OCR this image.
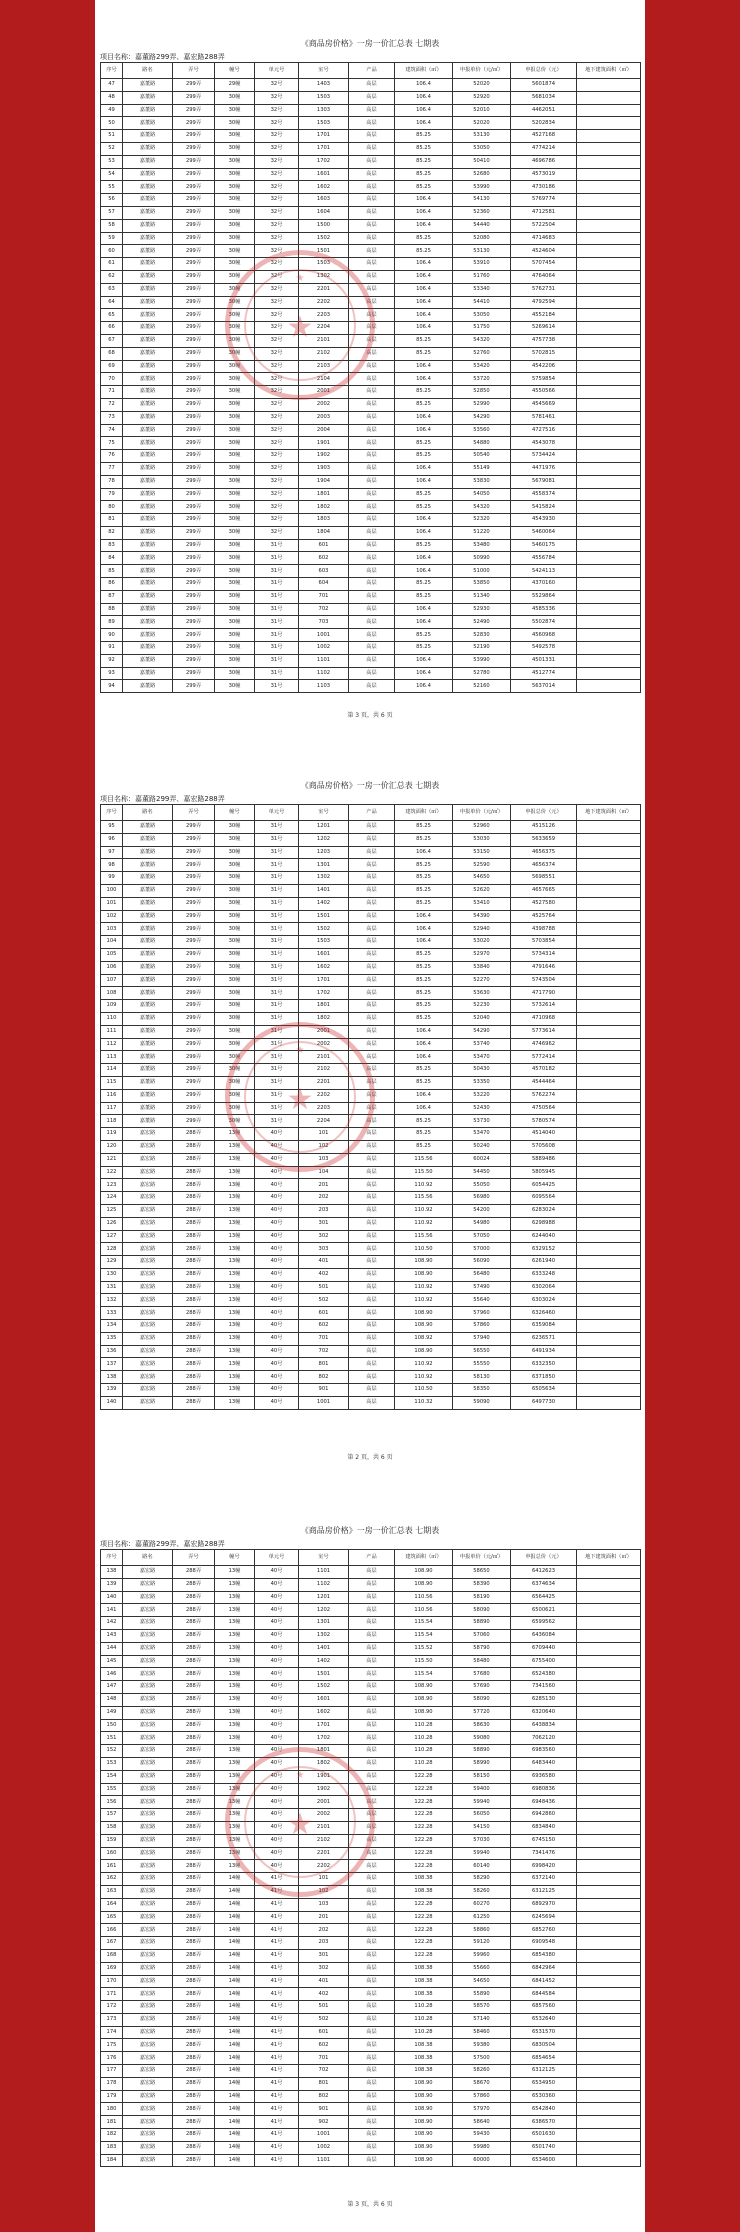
《商品房价格》一房一价汇总表 七期表
项目名称：嘉董路299弄、嘉宏路288弄
序号	路名	弄号	幢号	单元号	室号	产品	建筑面积（㎡）	申报单价（元/㎡）	申报总价（元）	地下建筑面积（㎡）
47	嘉董路	299弄	29幢	32号	1403	高层	106.4	52020	5601874	
48	嘉董路	299弄	30幢	32号	1503	高层	106.4	52920	5681034	
49	嘉董路	299弄	30幢	32号	1303	高层	106.4	52010	4462051	
50	嘉董路	299弄	30幢	32号	1503	高层	106.4	52020	5202834	
51	嘉董路	299弄	30幢	32号	1701	高层	85.25	53130	4527168	
52	嘉董路	299弄	30幢	32号	1701	高层	85.25	53050	4774214	
53	嘉董路	299弄	30幢	32号	1702	高层	85.25	50410	4696786	
54	嘉董路	299弄	30幢	32号	1601	高层	85.25	52680	4573019	
55	嘉董路	299弄	30幢	32号	1602	高层	85.25	53990	4730186	
56	嘉董路	299弄	30幢	32号	1603	高层	106.4	54130	5769774	
57	嘉董路	299弄	30幢	32号	1604	高层	106.4	52360	4712581	
58	嘉董路	299弄	30幢	32号	1500	高层	106.4	54440	5722504	
59	嘉董路	299弄	30幢	32号	1502	高层	85.25	52080	4714683	
60	嘉董路	299弄	30幢	32号	1501	高层	85.25	53130	4524604	
61	嘉董路	299弄	30幢	32号	1503	高层	106.4	53910	5707454	
62	嘉董路	299弄	30幢	32号	1302	高层	106.4	51760	4764064	
63	嘉董路	299弄	30幢	32号	2201	高层	106.4	53340	5762731	
64	嘉董路	299弄	30幢	32号	2202	高层	106.4	54410	4792594	
65	嘉董路	299弄	30幢	32号	2203	高层	106.4	53050	4552184	
66	嘉董路	299弄	30幢	32号	2204	高层	106.4	51750	5269614	
67	嘉董路	299弄	30幢	32号	2101	高层	85.25	54320	4757738	
68	嘉董路	299弄	30幢	32号	2102	高层	85.25	52760	5702815	
69	嘉董路	299弄	30幢	32号	2103	高层	106.4	53420	4542206	
70	嘉董路	299弄	30幢	32号	2104	高层	106.4	53720	5759854	
71	嘉董路	299弄	30幢	32号	2001	高层	85.25	52850	4550566	
72	嘉董路	299弄	30幢	32号	2002	高层	85.25	52990	4545669	
73	嘉董路	299弄	30幢	32号	2003	高层	106.4	54290	5781461	
74	嘉董路	299弄	30幢	32号	2004	高层	106.4	53560	4727516	
75	嘉董路	299弄	30幢	32号	1901	高层	85.25	54880	4543078	
76	嘉董路	299弄	30幢	32号	1902	高层	85.25	50540	5734424	
77	嘉董路	299弄	30幢	32号	1903	高层	106.4	55149	4471976	
78	嘉董路	299弄	30幢	32号	1904	高层	106.4	53830	5679081	
79	嘉董路	299弄	30幢	32号	1801	高层	85.25	54050	4558374	
80	嘉董路	299弄	30幢	32号	1802	高层	85.25	54320	5415824	
81	嘉董路	299弄	30幢	32号	1803	高层	106.4	52320	4543930	
82	嘉董路	299弄	30幢	32号	1804	高层	106.4	51220	5460064	
83	嘉董路	299弄	30幢	31号	601	高层	85.25	53480	5460175	
84	嘉董路	299弄	30幢	31号	602	高层	106.4	50990	4556784	
85	嘉董路	299弄	30幢	31号	603	高层	106.4	51000	5424113	
86	嘉董路	299弄	30幢	31号	604	高层	85.25	53850	4370160	
87	嘉董路	299弄	30幢	31号	701	高层	85.25	51340	5529864	
88	嘉董路	299弄	30幢	31号	702	高层	106.4	52930	4585336	
89	嘉董路	299弄	30幢	31号	703	高层	106.4	52490	5502874	
90	嘉董路	299弄	30幢	31号	1001	高层	85.25	52830	4560968	
91	嘉董路	299弄	30幢	31号	1002	高层	85.25	52190	5492578	
92	嘉董路	299弄	30幢	31号	1101	高层	106.4	53990	4501331	
93	嘉董路	299弄	30幢	31号	1102	高层	106.4	52780	4512774	
94	嘉董路	299弄	30幢	31号	1103	高层	106.4	52160	5637014	
第 3 页，共 6 页
★
★
《商品房价格》一房一价汇总表 七期表
项目名称：嘉董路299弄、嘉宏路288弄
序号	路名	弄号	幢号	单元号	室号	产品	建筑面积（㎡）	申报单价（元/㎡）	申报总价（元）	地下建筑面积（㎡）
95	嘉董路	299弄	30幢	31号	1201	高层	85.25	52960	4515126	
96	嘉董路	299弄	30幢	31号	1202	高层	85.25	53030	5633659	
97	嘉董路	299弄	30幢	31号	1203	高层	106.4	53150	4656375	
98	嘉董路	299弄	30幢	31号	1301	高层	85.25	52590	4656374	
99	嘉董路	299弄	30幢	31号	1302	高层	85.25	54650	5698551	
100	嘉董路	299弄	30幢	31号	1401	高层	85.25	52620	4657665	
101	嘉董路	299弄	30幢	31号	1402	高层	85.25	53410	4527580	
102	嘉董路	299弄	30幢	31号	1501	高层	106.4	54390	4525764	
103	嘉董路	299弄	30幢	31号	1502	高层	106.4	52940	4398788	
104	嘉董路	299弄	30幢	31号	1503	高层	106.4	53020	5703854	
105	嘉董路	299弄	30幢	31号	1601	高层	85.25	52970	5734314	
106	嘉董路	299弄	30幢	31号	1602	高层	85.25	53840	4791646	
107	嘉董路	299弄	30幢	31号	1701	高层	85.25	52270	5743504	
108	嘉董路	299弄	30幢	31号	1702	高层	85.25	53630	4717790	
109	嘉董路	299弄	30幢	31号	1801	高层	85.25	52230	5732614	
110	嘉董路	299弄	30幢	31号	1802	高层	85.25	52040	4710968	
111	嘉董路	299弄	30幢	31号	2001	高层	106.4	54290	5773614	
112	嘉董路	299弄	30幢	31号	2002	高层	106.4	53740	4746962	
113	嘉董路	299弄	30幢	31号	2101	高层	106.4	53470	5772414	
114	嘉董路	299弄	30幢	31号	2102	高层	85.25	50430	4570182	
115	嘉董路	299弄	30幢	31号	2201	高层	85.25	53350	4544464	
116	嘉董路	299弄	30幢	31号	2202	高层	106.4	53220	5762274	
117	嘉董路	299弄	30幢	31号	2203	高层	106.4	52430	4750564	
118	嘉董路	299弄	30幢	31号	2204	高层	85.25	53730	5780574	
119	嘉宏路	288弄	13幢	40号	101	高层	85.25	53470	4514040	
120	嘉宏路	288弄	13幢	40号	102	高层	85.25	50240	5705608	
121	嘉宏路	288弄	13幢	40号	103	高层	115.56	60024	5889486	
122	嘉宏路	288弄	13幢	40号	104	高层	115.50	54450	5805945	
123	嘉宏路	288弄	13幢	40号	201	高层	110.92	55050	6054425	
124	嘉宏路	288弄	13幢	40号	202	高层	115.56	56980	6095564	
125	嘉宏路	288弄	13幢	40号	203	高层	110.92	54200	6283024	
126	嘉宏路	288弄	13幢	40号	301	高层	110.92	54980	6298988	
127	嘉宏路	288弄	13幢	40号	302	高层	115.56	57050	6244040	
128	嘉宏路	288弄	13幢	40号	303	高层	110.50	57000	6329152	
129	嘉宏路	288弄	13幢	40号	401	高层	108.90	56090	6261940	
130	嘉宏路	288弄	13幢	40号	402	高层	108.90	56480	6333248	
131	嘉宏路	288弄	13幢	40号	501	高层	110.92	57490	6302064	
132	嘉宏路	288弄	13幢	40号	502	高层	110.92	55640	6303024	
133	嘉宏路	288弄	13幢	40号	601	高层	108.90	57960	6326460	
134	嘉宏路	288弄	13幢	40号	602	高层	108.90	57860	6359084	
135	嘉宏路	288弄	13幢	40号	701	高层	108.92	57940	6236571	
136	嘉宏路	288弄	13幢	40号	702	高层	108.90	56550	6491934	
137	嘉宏路	288弄	13幢	40号	801	高层	110.92	55550	6332350	
138	嘉宏路	288弄	13幢	40号	802	高层	110.92	58130	6371850	
139	嘉宏路	288弄	13幢	40号	901	高层	110.50	58350	6505634	
140	嘉宏路	288弄	13幢	40号	1001	高层	110.32	59090	6497730	
第 2 页，共 6 页
★
★
《商品房价格》一房一价汇总表 七期表
项目名称：嘉董路299弄、嘉宏路288弄
序号	路名	弄号	幢号	单元号	室号	产品	建筑面积（㎡）	申报单价（元/㎡）	申报总价（元）	地下建筑面积（㎡）
138	嘉宏路	288弄	13幢	40号	1101	高层	108.90	58650	6412623	
139	嘉宏路	288弄	13幢	40号	1102	高层	108.90	58390	6374634	
140	嘉宏路	288弄	13幢	40号	1201	高层	110.56	58190	6564425	
141	嘉宏路	288弄	13幢	40号	1202	高层	110.56	58090	6500621	
142	嘉宏路	288弄	13幢	40号	1301	高层	115.54	58890	6599562	
143	嘉宏路	288弄	13幢	40号	1302	高层	115.54	57060	6436084	
144	嘉宏路	288弄	13幢	40号	1401	高层	115.52	58790	6709440	
145	嘉宏路	288弄	13幢	40号	1402	高层	115.50	58480	6755400	
146	嘉宏路	288弄	13幢	40号	1501	高层	115.54	57680	6524380	
147	嘉宏路	288弄	13幢	40号	1502	高层	108.90	57690	7341560	
148	嘉宏路	288弄	13幢	40号	1601	高层	108.90	58090	6285130	
149	嘉宏路	288弄	13幢	40号	1602	高层	108.90	57720	6320640	
150	嘉宏路	288弄	13幢	40号	1701	高层	110.28	58630	6438834	
151	嘉宏路	288弄	13幢	40号	1702	高层	110.28	59080	7062120	
152	嘉宏路	288弄	13幢	40号	1801	高层	110.28	58890	6983560	
153	嘉宏路	288弄	13幢	40号	1802	高层	110.28	58990	6483440	
154	嘉宏路	288弄	13幢	40号	1901	高层	122.28	58150	6936580	
155	嘉宏路	288弄	13幢	40号	1902	高层	122.28	59400	6980836	
156	嘉宏路	288弄	13幢	40号	2001	高层	122.28	59940	6948436	
157	嘉宏路	288弄	13幢	40号	2002	高层	122.28	56050	6942860	
158	嘉宏路	288弄	13幢	40号	2101	高层	122.28	54150	6834840	
159	嘉宏路	288弄	13幢	40号	2102	高层	122.28	57030	6745150	
160	嘉宏路	288弄	13幢	40号	2201	高层	122.28	59940	7341476	
161	嘉宏路	288弄	13幢	40号	2202	高层	122.28	60140	6998420	
162	嘉宏路	288弄	14幢	41号	101	高层	108.38	58290	6372140	
163	嘉宏路	288弄	14幢	41号	102	高层	108.38	58260	6312125	
164	嘉宏路	288弄	14幢	41号	103	高层	122.28	60270	6892970	
165	嘉宏路	288弄	14幢	41号	201	高层	122.28	61250	6245694	
166	嘉宏路	288弄	14幢	41号	202	高层	122.28	58860	6852760	
167	嘉宏路	288弄	14幢	41号	203	高层	122.28	59120	6909548	
168	嘉宏路	288弄	14幢	41号	301	高层	122.28	59960	6854380	
169	嘉宏路	288弄	14幢	41号	302	高层	108.38	55660	6842964	
170	嘉宏路	288弄	14幢	41号	401	高层	108.38	54650	6841452	
171	嘉宏路	288弄	14幢	41号	402	高层	108.38	55890	6844584	
172	嘉宏路	288弄	14幢	41号	501	高层	110.28	58570	6857560	
173	嘉宏路	288弄	14幢	41号	502	高层	110.28	57140	6532640	
174	嘉宏路	288弄	14幢	41号	601	高层	110.28	58460	6531570	
175	嘉宏路	288弄	14幢	41号	602	高层	108.38	59380	6830504	
176	嘉宏路	288弄	14幢	41号	701	高层	108.38	57500	6854654	
177	嘉宏路	288弄	14幢	41号	702	高层	108.38	58260	6312125	
178	嘉宏路	288弄	14幢	41号	801	高层	108.90	58670	6534950	
179	嘉宏路	288弄	14幢	41号	802	高层	108.90	57860	6530360	
180	嘉宏路	288弄	14幢	41号	901	高层	108.90	57970	6542840	
181	嘉宏路	288弄	14幢	41号	902	高层	108.90	58640	6386570	
182	嘉宏路	288弄	14幢	41号	1001	高层	108.90	59430	6501630	
183	嘉宏路	288弄	14幢	41号	1002	高层	108.90	59980	6501740	
184	嘉宏路	288弄	14幢	41号	1101	高层	108.90	60000	6534600	
第 3 页，共 6 页
★
★
